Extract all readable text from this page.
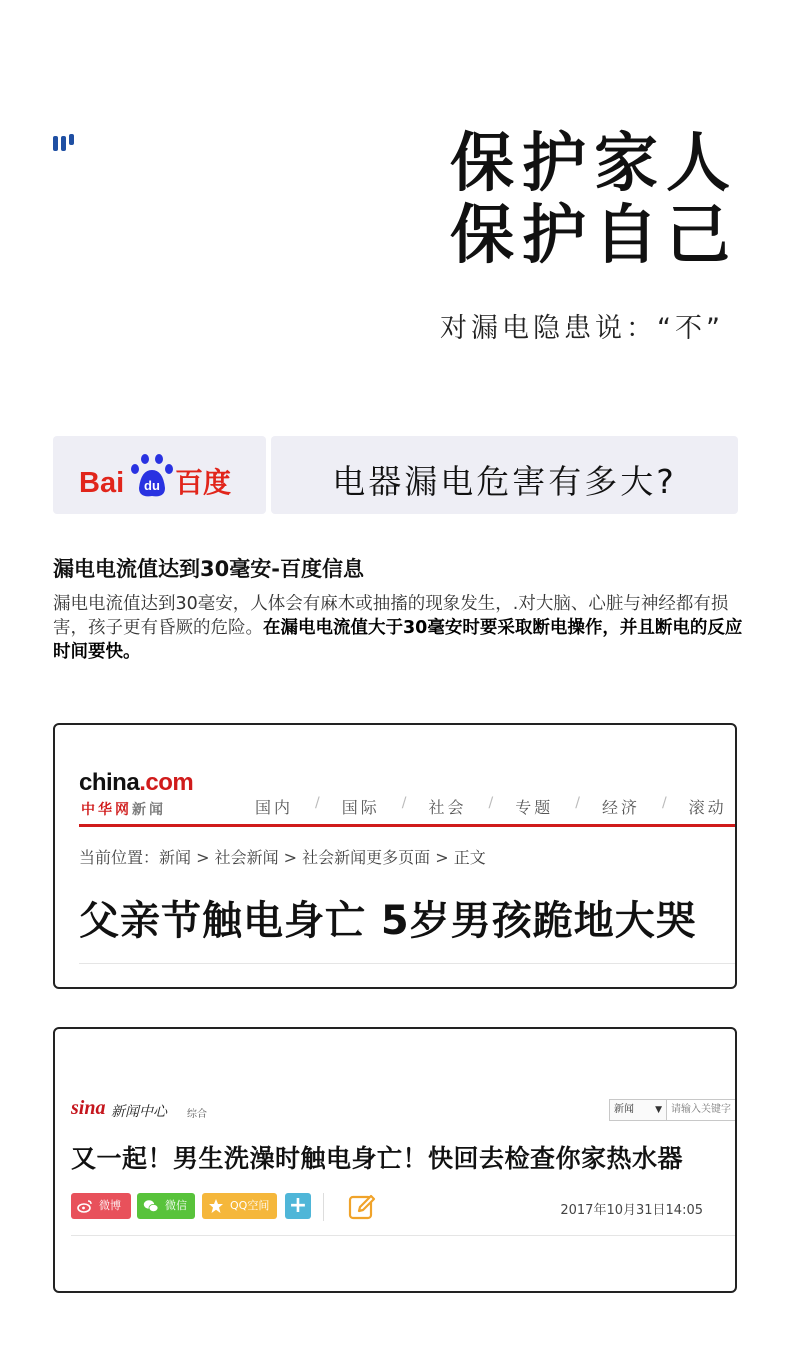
保护家人
保护自己
对漏电隐患说：“不”
Bai du 百度	电器漏电危害有多大?
漏电电流值达到30毫安-百度信息
漏电电流值达到30毫安，人体会有麻木或抽搐的现象发生，.对大脑、心脏与神经都有损害，孩子更有昏厥的危险。在漏电电流值大于30毫安时要采取断电操作，并且断电的反应时间要快。
china.com
中华网新闻	国内 / 国际 / 社会 / 专题 / 经济 / 滚动
当前位置：新闻 > 社会新闻 > 社会新闻更多页面 > 正文
父亲节触电身亡 5岁男孩跪地大哭
sina 新闻中心 综合	新闻 ▼ 请输入关键字
又一起！男生洗澡时触电身亡！快回去检查你家热水器
微博	微信	QQ空间 +	2017年10月31日14:05
